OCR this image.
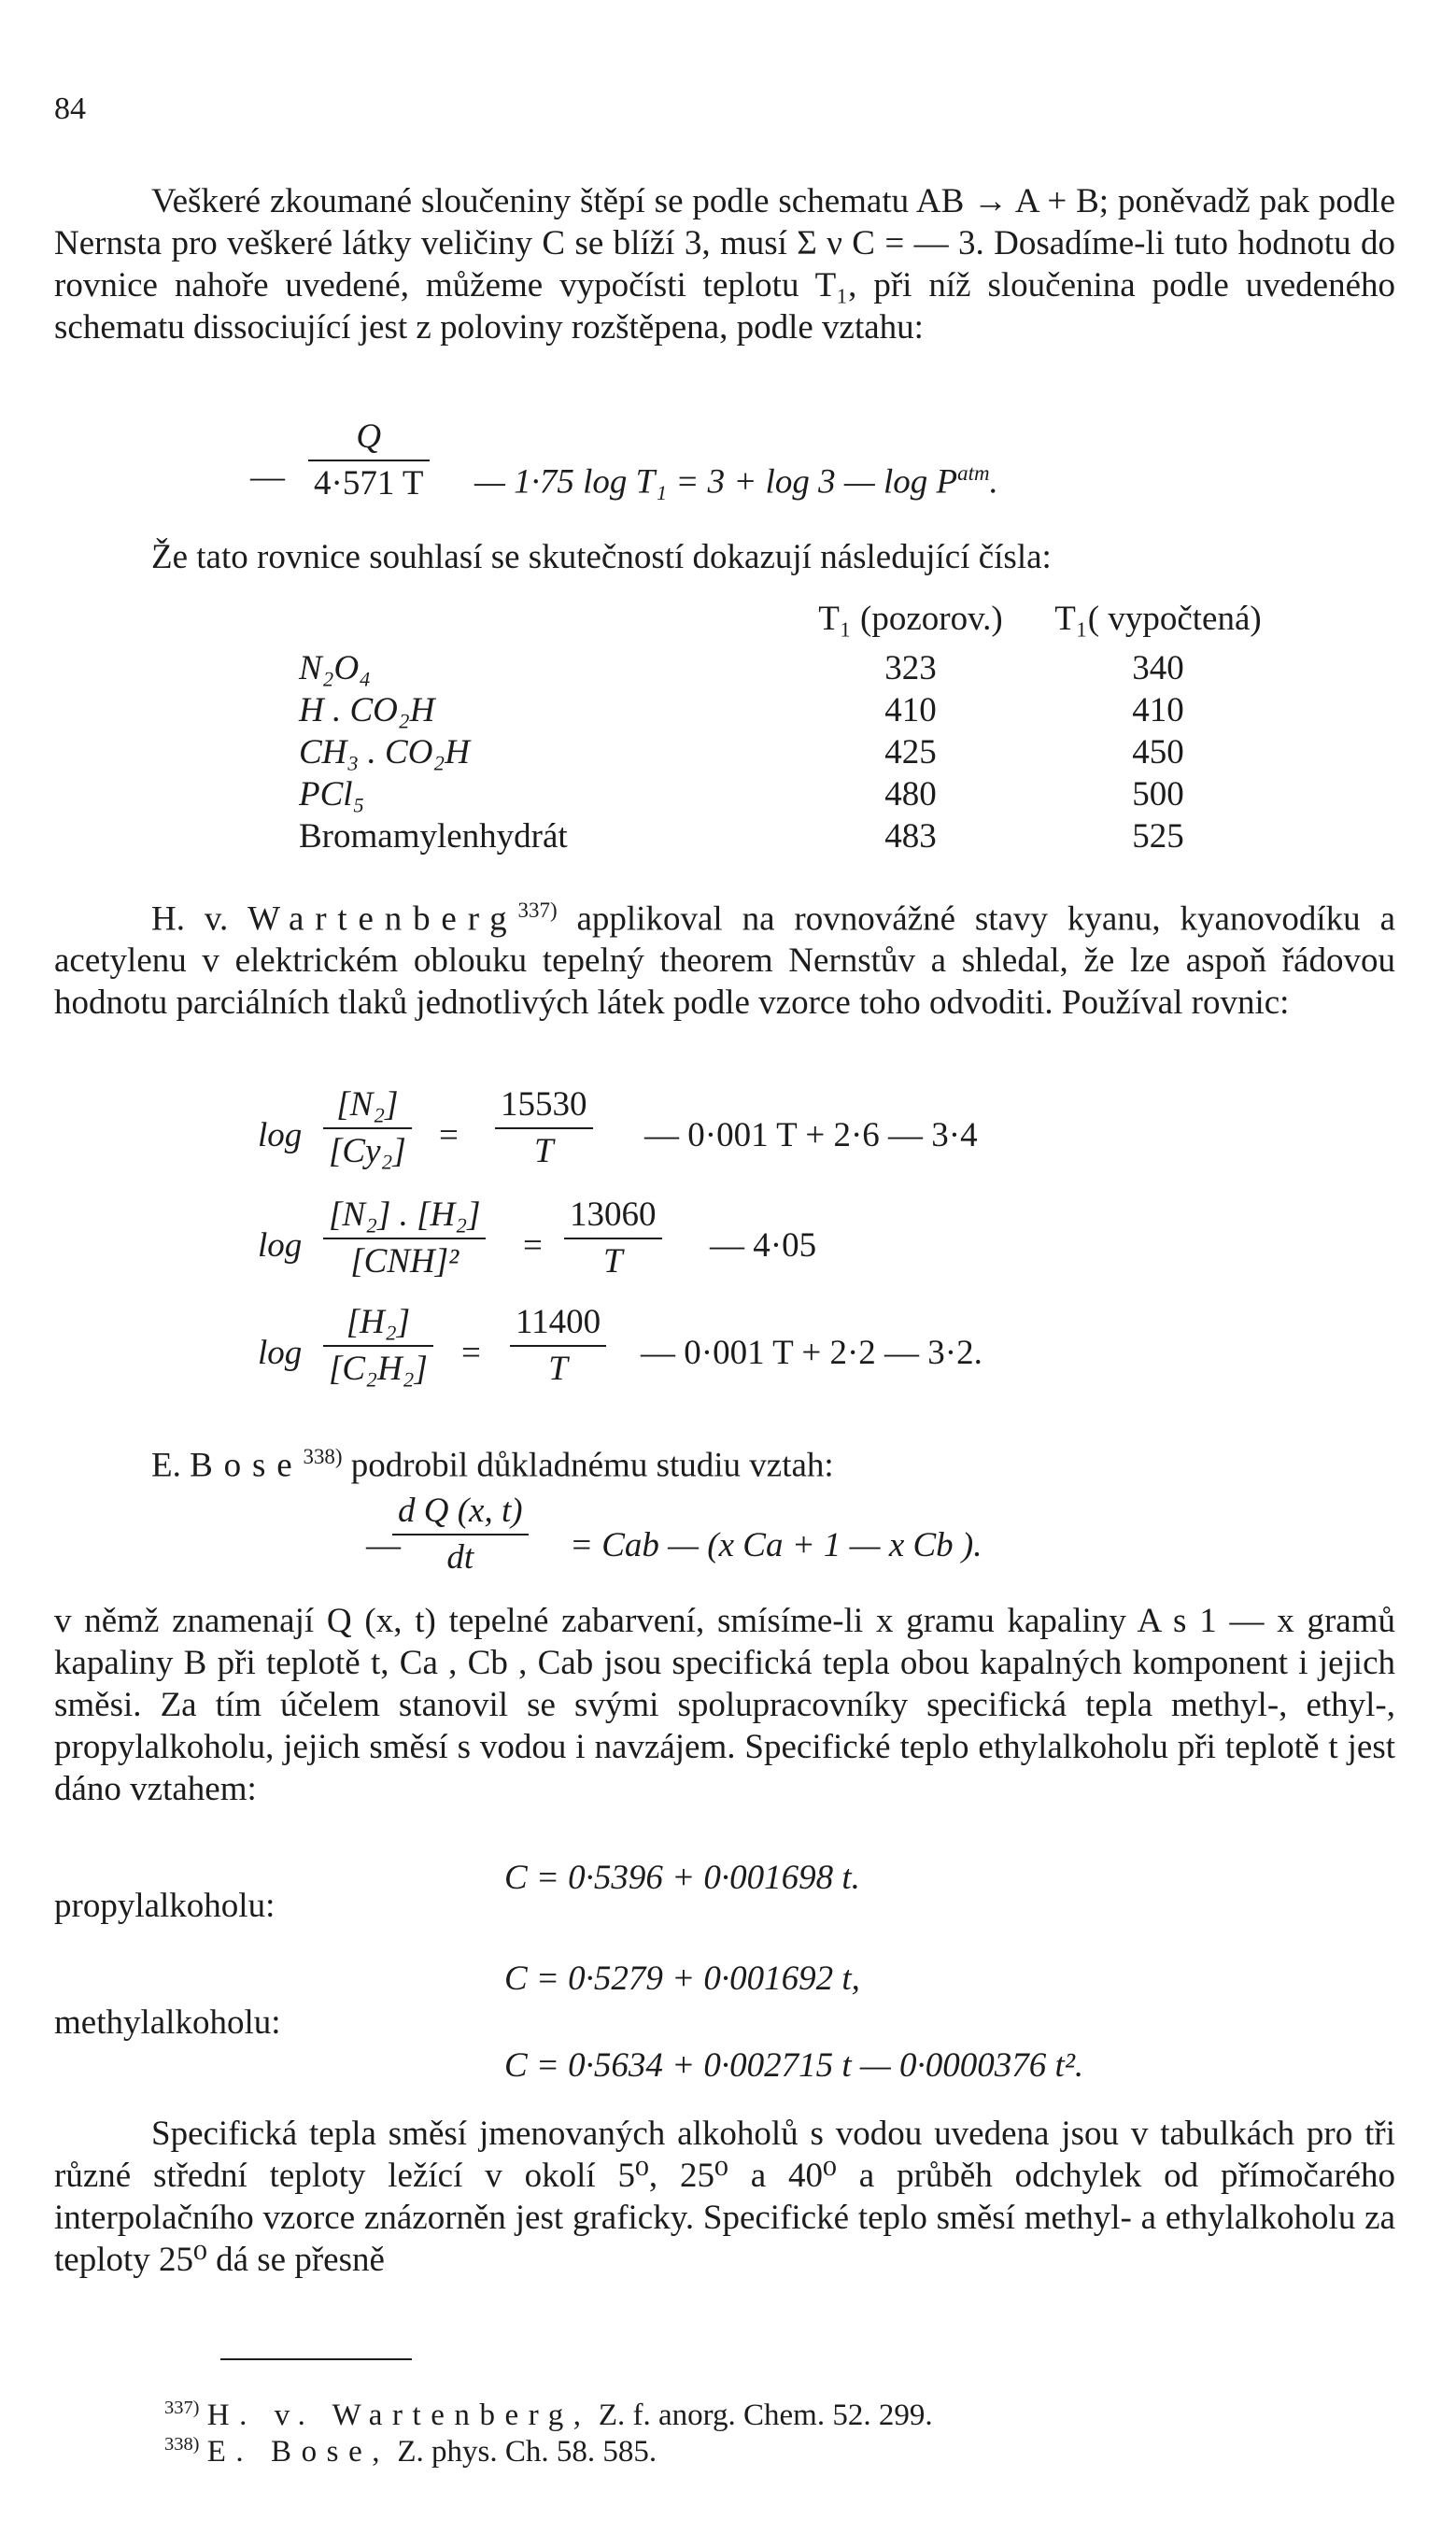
84

Veškeré zkoumané sloučeniny štěpí se podle schematu AB → A + B; poněvadž pak podle Nernsta pro veškeré látky veličiny C se blíží 3, musí Σ ν C = — 3. Dosadíme-li tuto hodnotu do rovnice nahoře uvedené, můžeme vypočísti teplotu T₁, při níž sloučenina podle uvedeného schematu dissociující jest z poloviny rozštěpena, podle vztahu:

—
Q
4·571 T — 1·75 log T₁ = 3 + log 3 — $\log P^{atm}$.

Že tato rovnice souhlasí se skutečností dokazují následující čísla:

	T₁ (pozorov.)	T₁( vypočtená)
N₂O₄	323	340
H . CO₂H	410	410
CH₃ . CO₂H	425	450
PCl₅	480	500
Bromamylenhydrát	483	525

H. v. Wartenberg$^{337)}$ applikoval na rovnovážné stavy kyanu, kyanovodíku a acetylenu v elektrickém oblouku tepelný theorem Nernstův a shledal, že lze aspoň řádovou hodnotu parciálních tlaků jednotlivých látek podle vzorce toho odvoditi. Používal rovnic:

log
[N₂]
[Cy₂] =
15530
T	— 0·001 T + 2·6 — 3·4
log
[N₂] . [H₂]
[CNH]²	=
13060
T	— 4·05
log
[H₂]
[C₂H₂] =
11400
T	— 0·001 T + 2·2 — 3·2.

E. Bose$^{338)}$ podrobil důkladnému studiu vztah:

—
d Q (x, t)
dt	= Cab — (x Ca + 1 — x Cb ).

v němž znamenají Q (x, t) tepelné zabarvení, smísíme-li x gramu kapaliny A s 1 — x gramů kapaliny B při teplotě t, Ca , Cb , Cab jsou specifická tepla obou kapalných komponent i jejich směsi. Za tím účelem stanovil se svými spolupracovníky specifická tepla methyl-, ethyl-, propylalkoholu, jejich směsí s vodou i navzájem. Specifické teplo ethylalkoholu při teplotě t jest dáno vztahem:

C = 0·5396 + 0·001698 t.
propylalkoholu:
C = 0·5279 + 0·001692 t,
methylalkoholu:
C = 0·5634 + 0·002715 t — 0·0000376 t².

Specifická tepla směsí jmenovaných alkoholů s vodou uvedena jsou v tabulkách pro tři různé střední teploty ležící v okolí 5⁰, 25⁰ a 40⁰ a průběh odchylek od přímočarého interpolačního vzorce znázorněn jest graficky. Specifické teplo směsí methyl- a ethylalkoholu za teploty 25⁰ dá se přesně

$^{337)}$ H. v. Wartenberg, Z. f. anorg. Chem. 52. 299.
$^{338)}$ E. Bose, Z. phys. Ch. 58. 585.
